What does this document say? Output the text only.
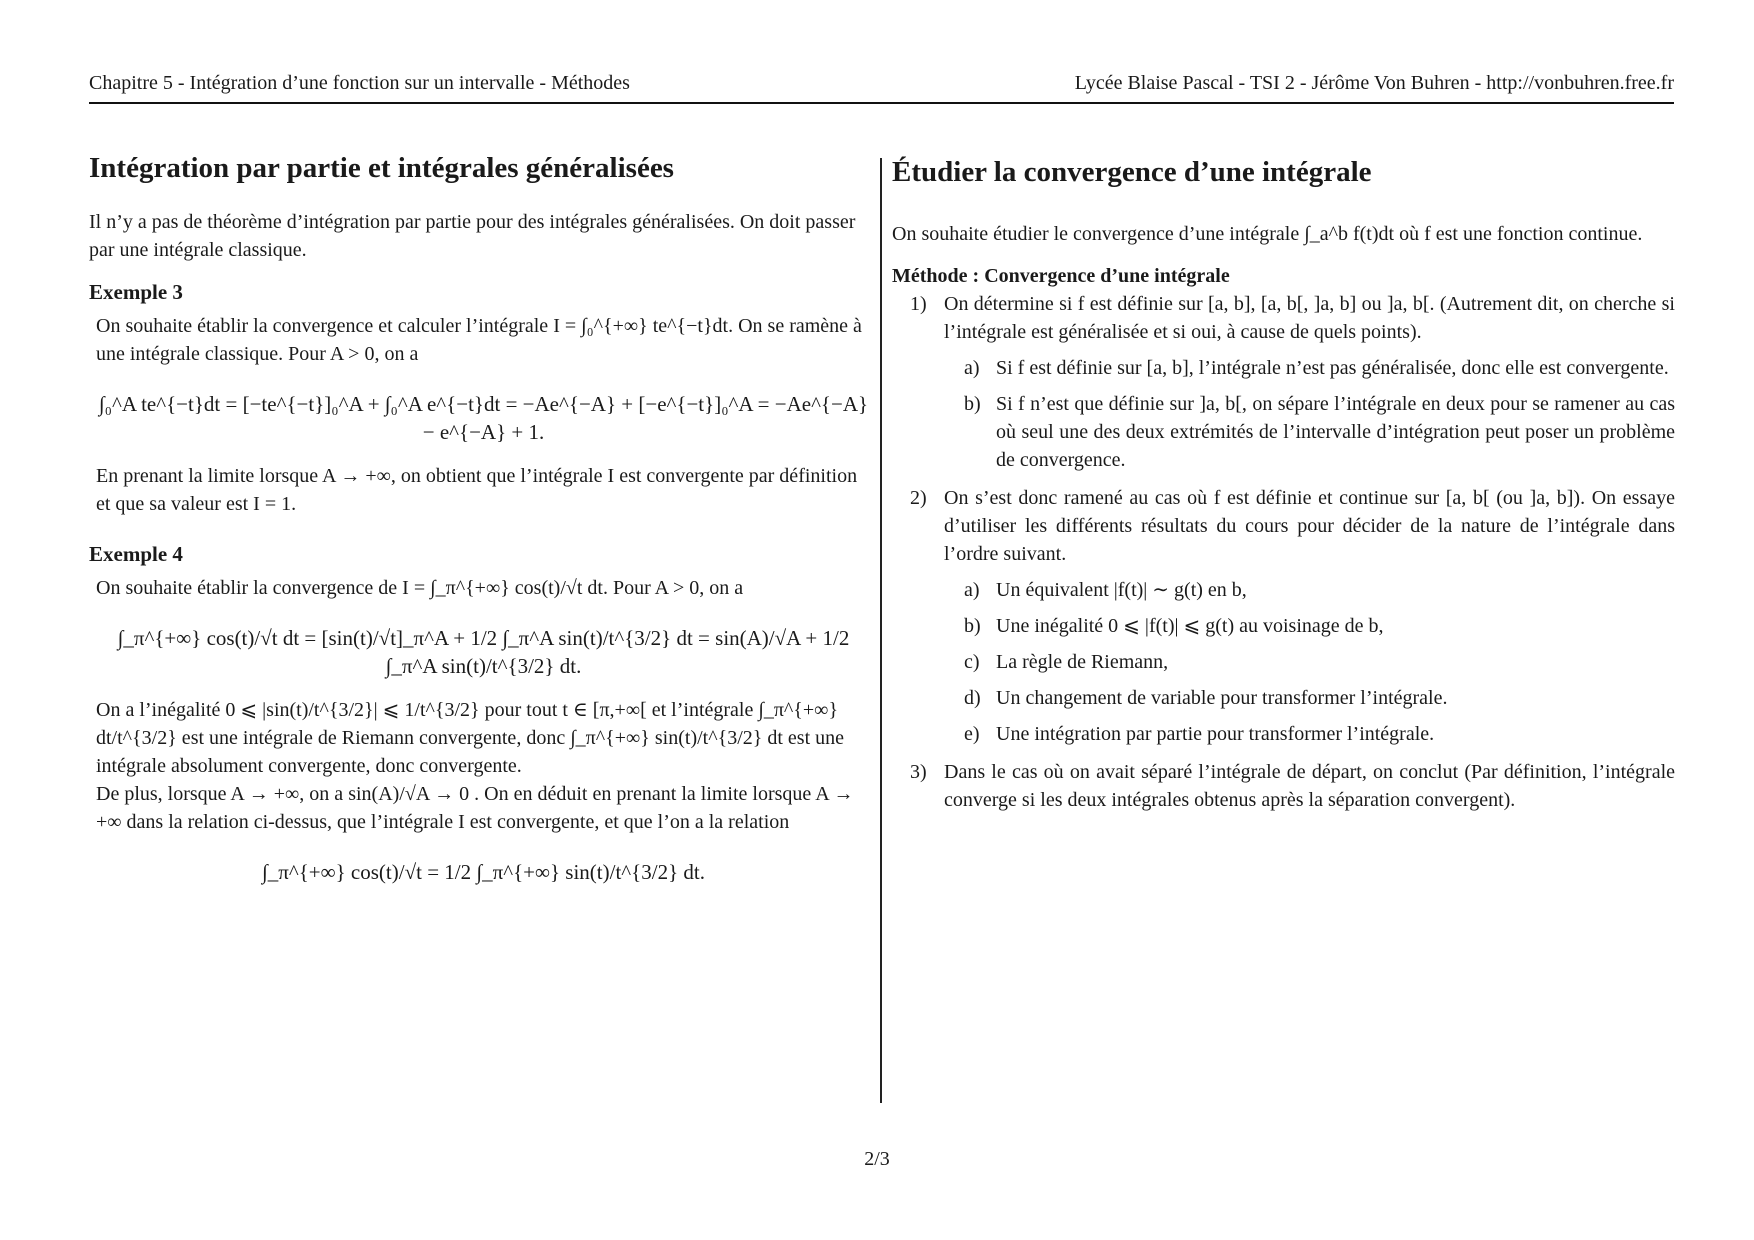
Chapitre 5 - Intégration d’une fonction sur un intervalle - Méthodes	Lycée Blaise Pascal - TSI 2 - Jérôme Von Buhren - http://vonbuhren.free.fr
Intégration par partie et intégrales généralisées

Il n’y a pas de théorème d’intégration par partie pour des intégrales généralisées. On doit passer par une intégrale classique.

Exemple 3

On souhaite établir la convergence et calculer l’intégrale I = ∫₀^{+∞} te^{−t}dt. On se ramène à une intégrale classique. Pour A > 0, on a

∫₀^A te^{−t}dt = [−te^{−t}]₀^A + ∫₀^A e^{−t}dt = −Ae^{−A} + [−e^{−t}]₀^A = −Ae^{−A} − e^{−A} + 1.

En prenant la limite lorsque A → +∞, on obtient que l’intégrale I est convergente par définition et que sa valeur est I = 1.

Exemple 4

On souhaite établir la convergence de I = ∫_π^{+∞} cos(t)/√t dt. Pour A > 0, on a

∫_π^{+∞} cos(t)/√t dt = [sin(t)/√t]_π^A + 1/2 ∫_π^A sin(t)/t^{3/2} dt = sin(A)/√A + 1/2 ∫_π^A sin(t)/t^{3/2} dt.

On a l’inégalité 0 ⩽ |sin(t)/t^{3/2}| ⩽ 1/t^{3/2} pour tout t ∈ [π,+∞[ et l’intégrale ∫_π^{+∞} dt/t^{3/2} est une intégrale de Riemann convergente, donc ∫_π^{+∞} sin(t)/t^{3/2} dt est une intégrale absolument convergente, donc convergente.

De plus, lorsque A → +∞, on a sin(A)/√A → 0 . On en déduit en prenant la limite lorsque A → +∞ dans la relation ci-dessus, que l’intégrale I est convergente, et que l’on a la relation

∫_π^{+∞} cos(t)/√t = 1/2 ∫_π^{+∞} sin(t)/t^{3/2} dt.
Étudier la convergence d’une intégrale

On souhaite étudier le convergence d’une intégrale ∫_a^b f(t)dt où f est une fonction continue.

Méthode : Convergence d’une intégrale
1) On détermine si f est définie sur [a, b], [a, b[, ]a, b] ou ]a, b[. (Autrement dit, on cherche si l’intégrale est généralisée et si oui, à cause de quels points).
a) Si f est définie sur [a, b], l’intégrale n’est pas généralisée, donc elle est convergente.
b) Si f n’est que définie sur ]a, b[, on sépare l’intégrale en deux pour se ramener au cas où seul une des deux extrémités de l’intervalle d’intégration peut poser un problème de convergence.
2) On s’est donc ramené au cas où f est définie et continue sur [a, b[ (ou ]a, b]). On essaye d’utiliser les différents résultats du cours pour décider de la nature de l’intégrale dans l’ordre suivant.
a) Un équivalent |f(t)| ∼ g(t) en b,
b) Une inégalité 0 ⩽ |f(t)| ⩽ g(t) au voisinage de b,
c) La règle de Riemann,
d) Un changement de variable pour transformer l’intégrale.
e) Une intégration par partie pour transformer l’intégrale.
3) Dans le cas où on avait séparé l’intégrale de départ, on conclut (Par définition, l’intégrale converge si les deux intégrales obtenus après la séparation convergent).
2/3
